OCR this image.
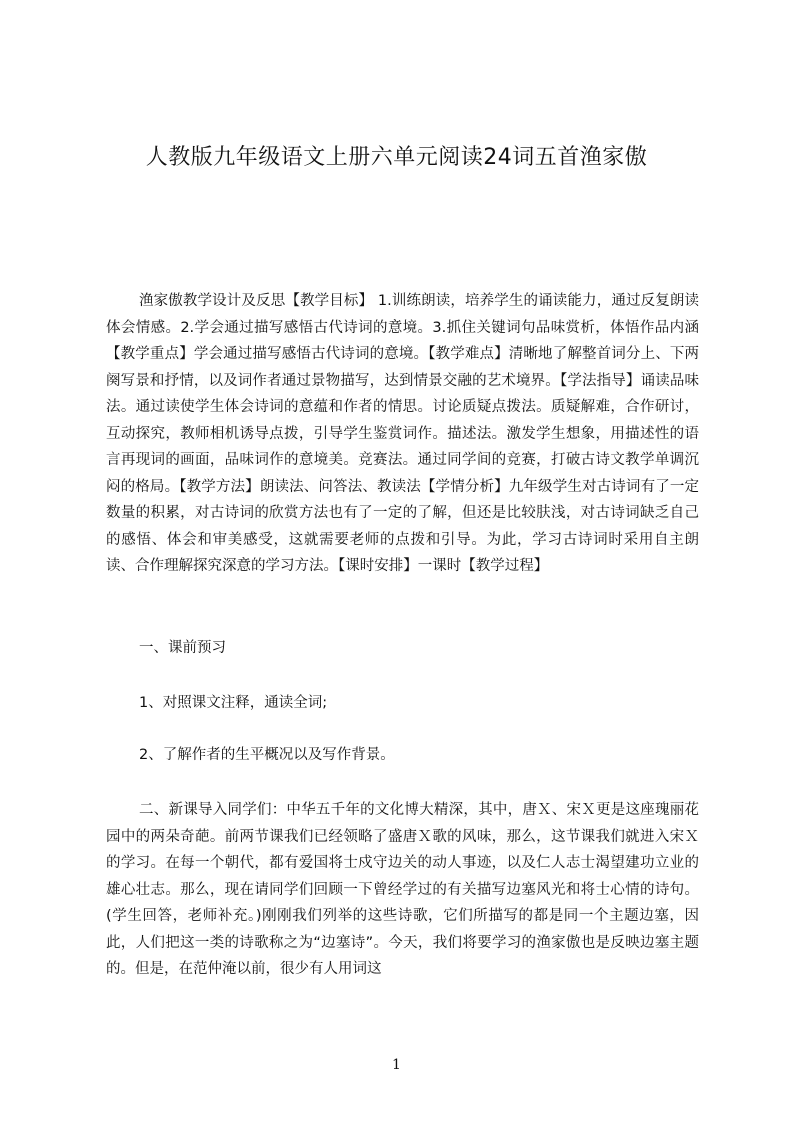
人教版九年级语文上册六单元阅读24词五首渔家傲

渔家傲教学设计及反思【教学目标】 1.训练朗读，培养学生的诵读能力，通过反复朗读体会情感。2.学会通过描写感悟古代诗词的意境。3.抓住关键词句品味赏析，体悟作品内涵【教学重点】学会通过描写感悟古代诗词的意境。【教学难点】清晰地了解整首词分上、下两阕写景和抒情，以及词作者通过景物描写，达到情景交融的艺术境界。【学法指导】诵读品味法。通过读使学生体会诗词的意蕴和作者的情思。讨论质疑点拨法。质疑解难，合作研讨，互动探究，教师相机诱导点拨，引导学生鉴赏词作。描述法。激发学生想象，用描述性的语言再现词的画面，品味词作的意境美。竞赛法。通过同学间的竞赛，打破古诗文教学单调沉闷的格局。【教学方法】朗读法、问答法、教读法【学情分析】九年级学生对古诗词有了一定数量的积累，对古诗词的欣赏方法也有了一定的了解，但还是比较肤浅，对古诗词缺乏自己的感悟、体会和审美感受，这就需要老师的点拨和引导。为此，学习古诗词时采用自主朗读、合作理解探究深意的学习方法。【课时安排】一课时【教学过程】

一、课前预习

1、对照课文注释，通读全词;

2、了解作者的生平概况以及写作背景。

二、新课导入同学们：中华五千年的文化博大精深，其中，唐Ｘ、宋Ｘ更是这座瑰丽花园中的两朵奇葩。前两节课我们已经领略了盛唐Ｘ歌的风味，那么，这节课我们就进入宋Ｘ的学习。在每一个朝代，都有爱国将士戍守边关的动人事迹，以及仁人志士渴望建功立业的雄心壮志。那么，现在请同学们回顾一下曾经学过的有关描写边塞风光和将士心情的诗句。(学生回答，老师补充。)刚刚我们列举的这些诗歌，它们所描写的都是同一个主题边塞，因此，人们把这一类的诗歌称之为“边塞诗”。今天，我们将要学习的渔家傲也是反映边塞主题的。但是，在范仲淹以前，很少有人用词这

1
